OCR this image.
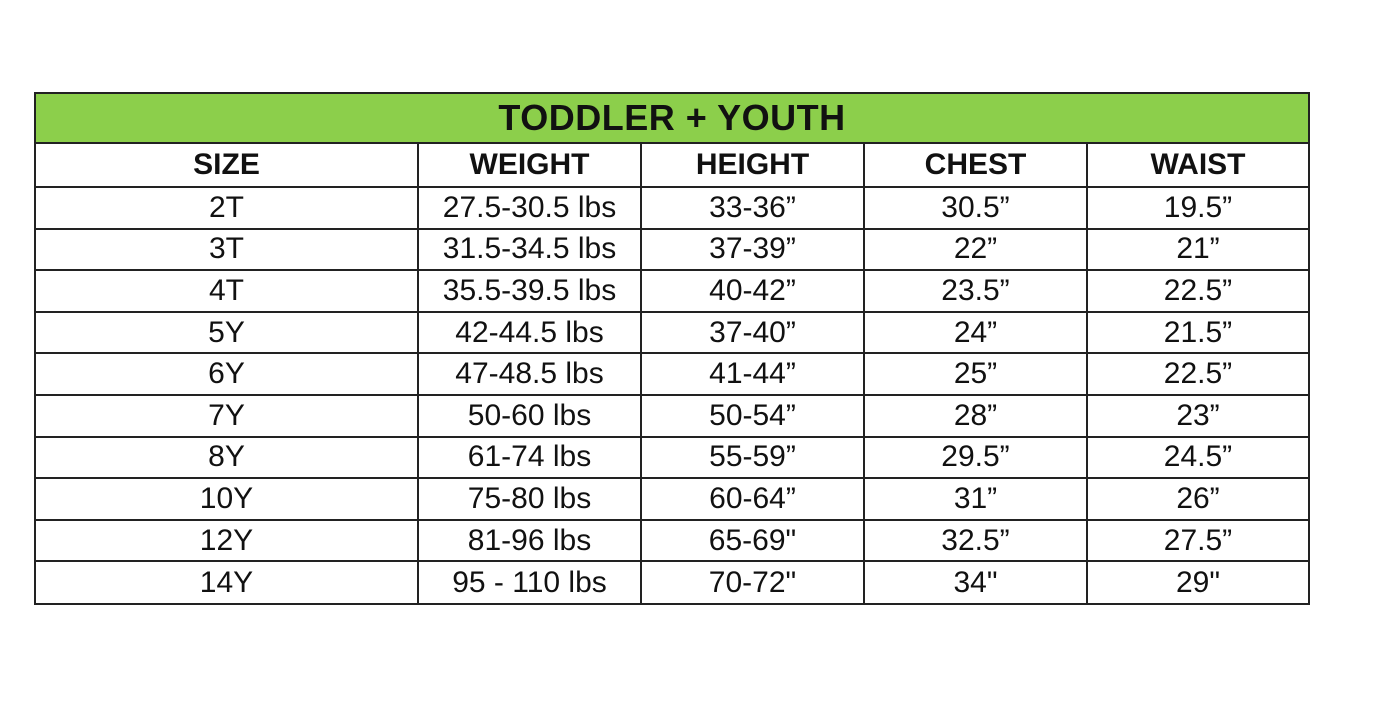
TODDLER + YOUTH
SIZE	WEIGHT	HEIGHT	CHEST	WAIST
2T	27.5-30.5 lbs	33-36”	30.5”	19.5”
3T	31.5-34.5 lbs	37-39”	22”	21”
4T	35.5-39.5 lbs	40-42”	23.5”	22.5”
5Y	42-44.5 lbs	37-40”	24”	21.5”
6Y	47-48.5 lbs	41-44”	25”	22.5”
7Y	50-60 lbs	50-54”	28”	23”
8Y	61-74 lbs	55-59”	29.5”	24.5”
10Y	75-80 lbs	60-64”	31”	26”
12Y	81-96 lbs	65-69"	32.5”	27.5”
14Y	95 - 110 lbs	70-72"	34"	29"
